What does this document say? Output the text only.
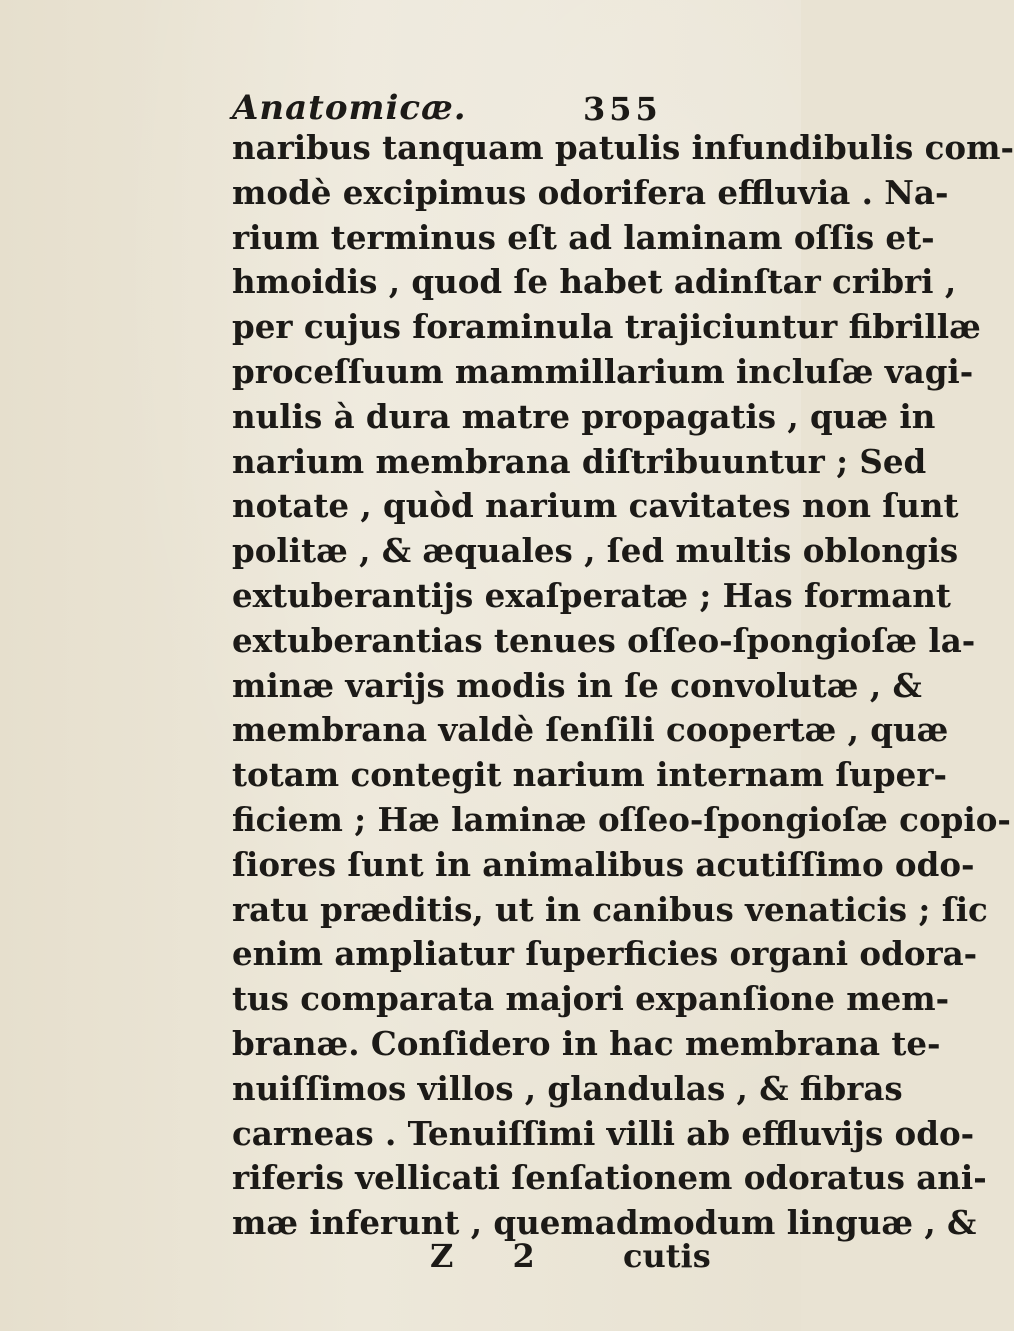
Anatomicæ.	355
naribus tanquam patulis infundibulis com-
modè excipimus odorifera effluvia . Na-
rium terminus eſt ad laminam oſſis et-
hmoidis , quod ſe habet adinſtar cribri ,
per cujus foraminula trajiciuntur fibrillæ
proceſſuum mammillarium incluſæ vagi-
nulis à dura matre propagatis , quæ in
narium membrana diſtribuuntur ; Sed
notate , quòd narium cavitates non ſunt
politæ , & æquales , ſed multis oblongis
extuberantijs exaſperatæ ; Has formant
extuberantias tenues oſſeo-ſpongioſæ la-
minæ varijs modis in ſe convolutæ , &
membrana valdè ſenſili coopertæ , quæ
totam contegit narium internam ſuper-
ficiem ; Hæ laminæ oſſeo-ſpongioſæ copio-
ſiores ſunt in animalibus acutiſſimo odo-
ratu præditis, ut in canibus venaticis ; ſic
enim ampliatur ſuperficies organi odora-
tus comparata majori expanſione mem-
branæ. Conſidero in hac membrana te-
nuiſſimos villos , glandulas , & fibras
carneas . Tenuiſſimi villi ab effluvijs odo-
riferis vellicati ſenſationem odoratus ani-
mæ inferunt , quemadmodum linguæ , &
Z 2 cutis
